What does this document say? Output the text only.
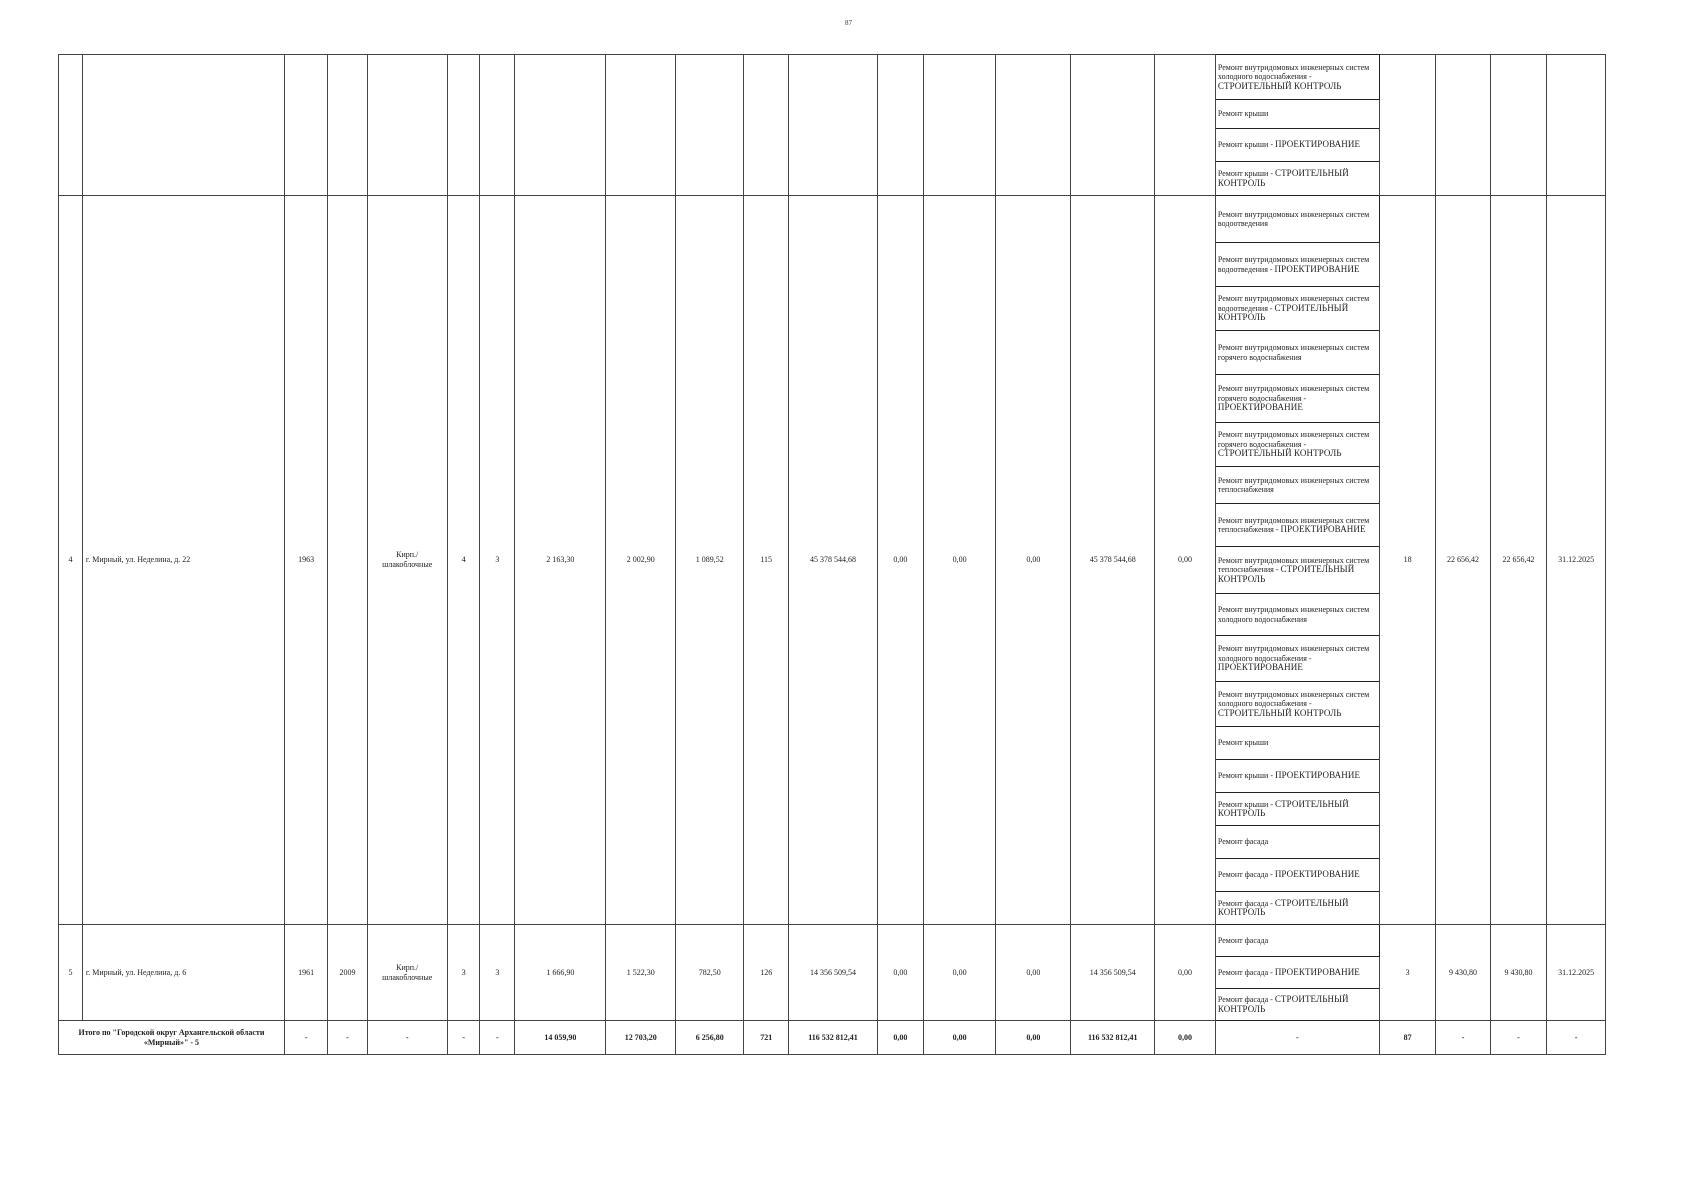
87
																	Ремонт внутридомовых инженерных систем холодного водоснабжения - СТРОИТЕЛЬНЫЙ КОНТРОЛЬ				
																	Ремонт крыши				
																	Ремонт крыши - ПРОЕКТИРОВАНИЕ				
																	Ремонт крыши - СТРОИТЕЛЬНЫЙ КОНТРОЛЬ				
4	г. Мирный, ул. Неделина, д. 22	1963		Кирп./ шлакоблочные	4	3	2 163,30	2 002,90	1 089,52	115	45 378 544,68	0,00	0,00	0,00	45 378 544,68	0,00	Ремонт внутридомовых инженерных систем водоотведения	18	22 656,42	22 656,42	31.12.2025
																	Ремонт внутридомовых инженерных систем водоотведения - ПРОЕКТИРОВАНИЕ				
																	Ремонт внутридомовых инженерных систем водоотведения - СТРОИТЕЛЬНЫЙ КОНТРОЛЬ				
																	Ремонт внутридомовых инженерных систем горячего водоснабжения				
																	Ремонт внутридомовых инженерных систем горячего водоснабжения - ПРОЕКТИРОВАНИЕ				
																	Ремонт внутридомовых инженерных систем горячего водоснабжения - СТРОИТЕЛЬНЫЙ КОНТРОЛЬ				
																	Ремонт внутридомовых инженерных систем теплоснабжения				
																	Ремонт внутридомовых инженерных систем теплоснабжения - ПРОЕКТИРОВАНИЕ				
																	Ремонт внутридомовых инженерных систем теплоснабжения - СТРОИТЕЛЬНЫЙ КОНТРОЛЬ				
																	Ремонт внутридомовых инженерных систем холодного водоснабжения				
																	Ремонт внутридомовых инженерных систем холодного водоснабжения - ПРОЕКТИРОВАНИЕ				
																	Ремонт внутридомовых инженерных систем холодного водоснабжения - СТРОИТЕЛЬНЫЙ КОНТРОЛЬ				
																	Ремонт крыши				
																	Ремонт крыши - ПРОЕКТИРОВАНИЕ				
																	Ремонт крыши - СТРОИТЕЛЬНЫЙ КОНТРОЛЬ				
																	Ремонт фасада				
																	Ремонт фасада - ПРОЕКТИРОВАНИЕ				
																	Ремонт фасада - СТРОИТЕЛЬНЫЙ КОНТРОЛЬ				
5	г. Мирный, ул. Неделина, д. 6	1961	2009	Кирп./ шлакоблочные	3	3	1 666,90	1 522,30	782,50	126	14 356 509,54	0,00	0,00	0,00	14 356 509,54	0,00	Ремонт фасада	3	9 430,80	9 430,80	31.12.2025
																	Ремонт фасада - ПРОЕКТИРОВАНИЕ				
																	Ремонт фасада - СТРОИТЕЛЬНЫЙ КОНТРОЛЬ				
Итого по "Городской округ Архангельской области «Мирный»" - 5		-	-	-	-	-	14 059,90	12 703,20	6 256,80	721	116 532 812,41	0,00	0,00	0,00	116 532 812,41	0,00	-	87	-	-	-
